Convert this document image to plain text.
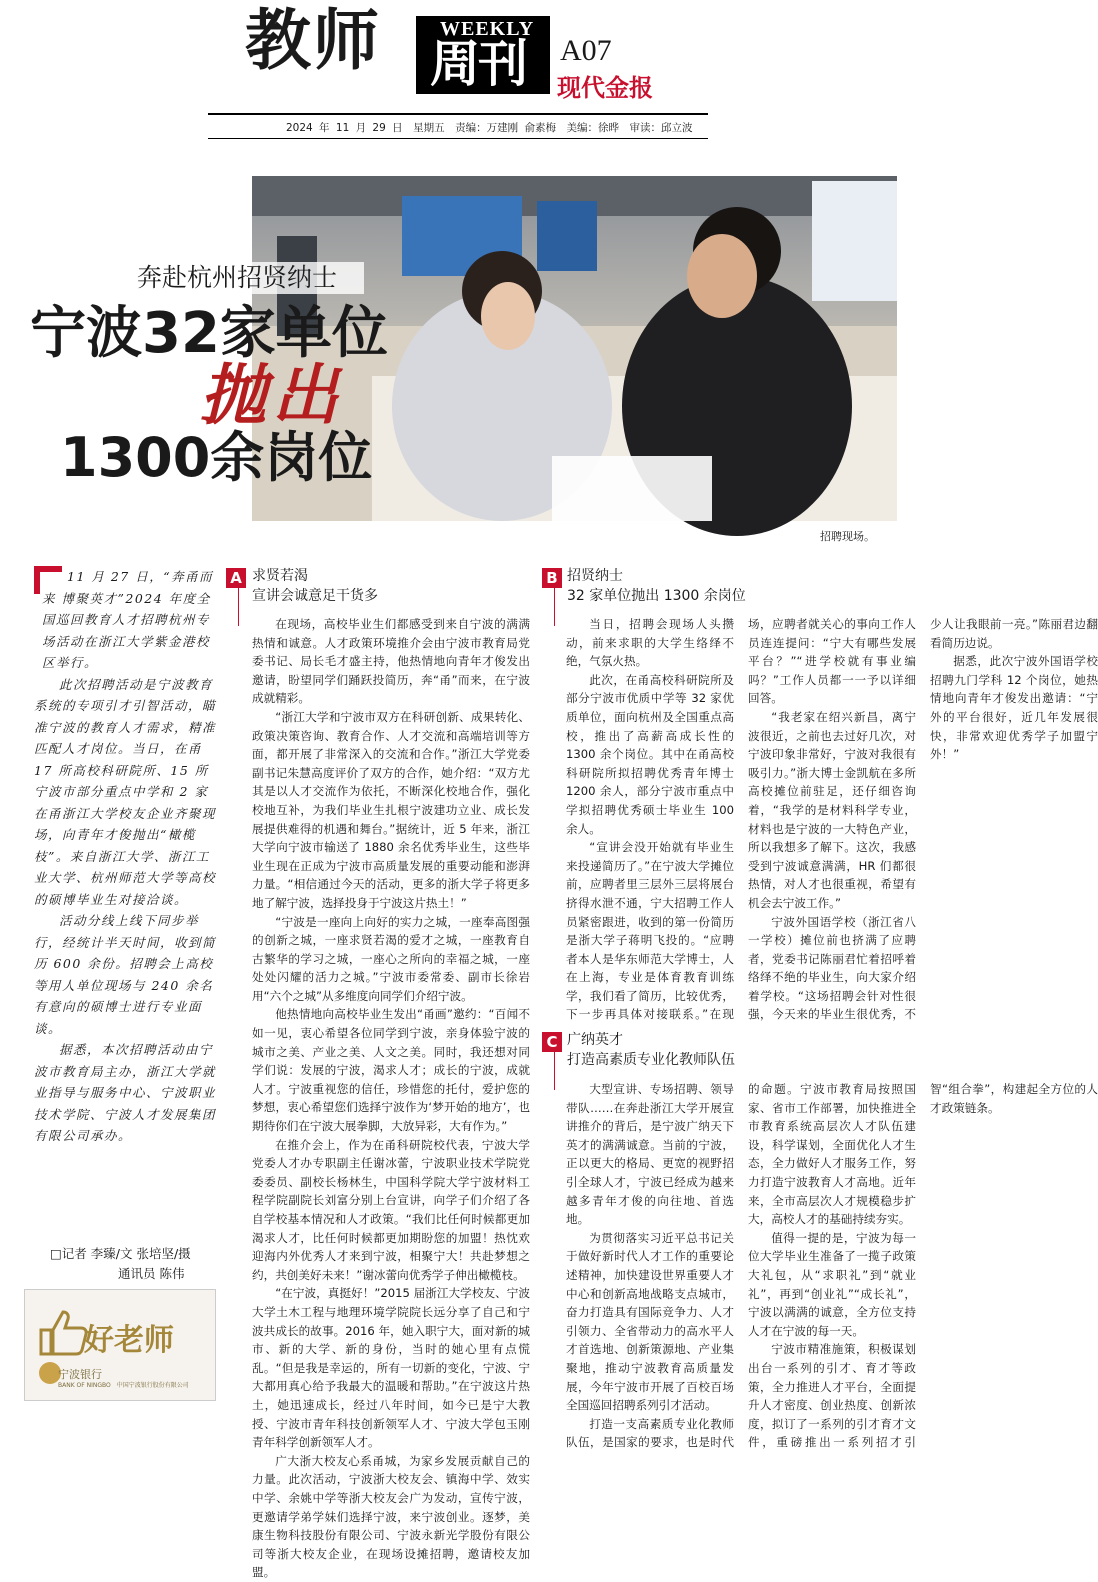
教师	WEEKLY
周刊 A07
现代金报
2024 年 11 月 29 日　星期五　责编：万建刚 俞素梅　美编：徐晔　审读：邱立波
招聘现场。
奔赴杭州招贤纳士
宁波32家单位
抛出
1300余岗位

11 月 27 日，“奔甬而来 博聚英才”2024 年度全国巡回教育人才招聘杭州专场活动在浙江大学紫金港校区举行。

此次招聘活动是宁波教育系统的专项引才引智活动，瞄准宁波的教育人才需求，精准匹配人才岗位。当日，在甬 17 所高校科研院所、15 所宁波市部分重点中学和 2 家在甬浙江大学校友企业齐聚现场，向青年才俊抛出“橄榄枝”。来自浙江大学、浙江工业大学、杭州师范大学等高校的硕博毕业生对接洽谈。

活动分线上线下同步举行，经统计半天时间，收到简历 600 余份。招聘会上高校等用人单位现场与 240 余名有意向的硕博士进行专业面谈。

据悉，本次招聘活动由宁波市教育局主办，浙江大学就业指导与服务中心、宁波职业技术学院、宁波人才发展集团有限公司承办。

□记者 李臻/文 张培坚/摄
通讯员 陈伟
好老师
宁波银行
BANK OF NINGBO　中国宁波银行股份有限公司
A 求贤若渴
宣讲会诚意足干货多

在现场，高校毕业生们都感受到来自宁波的满满热情和诚意。人才政策环境推介会由宁波市教育局党委书记、局长毛才盛主持，他热情地向青年才俊发出邀请，盼望同学们踊跃投简历，奔“甬”而来，在宁波成就精彩。

“浙江大学和宁波市双方在科研创新、成果转化、政策决策咨询、教育合作、人才交流和高端培训等方面，都开展了非常深入的交流和合作。”浙江大学党委副书记朱慧高度评价了双方的合作，她介绍：“双方尤其是以人才交流作为依托，不断深化校地合作，强化校地互补，为我们毕业生扎根宁波建功立业、成长发展提供难得的机遇和舞台。”据统计，近 5 年来，浙江大学向宁波市输送了 1880 余名优秀毕业生，这些毕业生现在正成为宁波市高质量发展的重要动能和澎湃力量。“相信通过今天的活动，更多的浙大学子将更多地了解宁波，选择投身于宁波这片热土！”

“宁波是一座向上向好的实力之城，一座奉高图强的创新之城，一座求贤若渴的爱才之城，一座教育自古繁华的学习之城，一座心之所向的幸福之城，一座处处闪耀的活力之城。”宁波市委常委、副市长徐岩用“六个之城”从多维度向同学们介绍宁波。

他热情地向高校毕业生发出“甬画”邀约：“百闻不如一见，衷心希望各位同学到宁波，亲身体验宁波的城市之美、产业之美、人文之美。同时，我还想对同学们说：发展的宁波，渴求人才；成长的宁波，成就人才。宁波重视您的信任，珍惜您的托付，爱护您的梦想，衷心希望您们选择宁波作为‘梦开始的地方’，也期待你们在宁波大展拳脚，大放异彩，大有作为。”

在推介会上，作为在甬科研院校代表，宁波大学党委人才办专职副主任谢冰蕾，宁波职业技术学院党委委员、副校长杨林生，中国科学院大学宁波材料工程学院副院长刘富分别上台宣讲，向学子们介绍了各自学校基本情况和人才政策。“我们比任何时候都更加渴求人才，比任何时候都更加期盼您的加盟！热忱欢迎海内外优秀人才来到宁波，相聚宁大！共赴梦想之约，共创美好未来！”谢冰蕾向优秀学子伸出橄榄枝。

“在宁波，真挺好！”2015 届浙江大学校友、宁波大学土木工程与地理环境学院院长远分享了自己和宁波共成长的故事。2016 年，她入职宁大，面对新的城市、新的大学、新的身份，当时的她心里有点慌乱。“但是我是幸运的，所有一切新的变化，宁波、宁大都用真心给予我最大的温暖和帮助。”在宁波这片热土，她迅速成长，经过八年时间，如今已是宁大教授、宁波市青年科技创新领军人才、宁波大学包玉刚青年科学创新领军人才。

广大浙大校友心系甬城，为家乡发展贡献自己的力量。此次活动，宁波浙大校友会、镇海中学、效实中学、余姚中学等浙大校友会广为发动，宣传宁波，更邀请学弟学妹们选择宁波，来宁波创业。逐梦，美康生物科技股份有限公司、宁波永新光学股份有限公司等浙大校友企业，在现场设摊招聘，邀请校友加盟。

B 招贤纳士
32 家单位抛出 1300 余岗位

当日，招聘会现场人头攒动，前来求职的大学生络绎不绝，气氛火热。

此次，在甬高校科研院所及部分宁波市优质中学等 32 家优质单位，面向杭州及全国重点高校，推出了高薪高成长性的 1300 余个岗位。其中在甬高校科研院所拟招聘优秀青年博士 1200 余人，部分宁波市重点中学拟招聘优秀硕士毕业生 100 余人。

“宣讲会没开始就有毕业生来投递简历了。”在宁波大学摊位前，应聘者里三层外三层将展台挤得水泄不通，宁大招聘工作人员紧密跟进，收到的第一份简历是浙大学子蒋明飞投的。“应聘者本人是华东师范大学博士，人在上海，专业是体育教育训练学，我们看了简历，比较优秀，下一步再具体对接联系。”在现场，应聘者就关心的事向工作人员连连提问：“宁大有哪些发展平台？”“进学校就有事业编吗？”工作人员都一一予以详细回答。

“我老家在绍兴新昌，离宁波很近，之前也去过好几次，对宁波印象非常好，宁波对我很有吸引力。”浙大博士金凯航在多所高校摊位前驻足，还仔细咨询着，“我学的是材料科学专业，材料也是宁波的一大特色产业，所以我想多了解下。这次，我感受到宁波诚意满满，HR 们都很热情，对人才也很重视，希望有机会去宁波工作。”

宁波外国语学校（浙江省八一学校）摊位前也挤满了应聘者，党委书记陈丽君忙着招呼着络绎不绝的毕业生，向大家介绍着学校。“这场招聘会针对性很强，今天来的毕业生很优秀，不少人让我眼前一亮。”陈丽君边翻看简历边说。

据悉，此次宁波外国语学校招聘九门学科 12 个岗位，她热情地向青年才俊发出邀请：“宁外的平台很好，近几年发展很快，非常欢迎优秀学子加盟宁外！”

C 广纳英才
打造高素质专业化教师队伍

大型宣讲、专场招聘、领导带队……在奔赴浙江大学开展宣讲推介的背后，是宁波广纳天下英才的满满诚意。当前的宁波，正以更大的格局、更宽的视野招引全球人才，宁波已经成为越来越多青年才俊的向往地、首选地。

为贯彻落实习近平总书记关于做好新时代人才工作的重要论述精神，加快建设世界重要人才中心和创新高地战略支点城市，奋力打造具有国际竞争力、人才引领力、全省带动力的高水平人才首选地、创新策源地、产业集聚地，推动宁波教育高质量发展，今年宁波市开展了百校百场全国巡回招聘系列引才活动。

打造一支高素质专业化教师队伍，是国家的要求，也是时代的命题。宁波市教育局按照国家、省市工作部署，加快推进全市教育系统高层次人才队伍建设，科学谋划，全面优化人才生态，全力做好人才服务工作，努力打造宁波教育人才高地。近年来，全市高层次人才规模稳步扩大，高校人才的基础持续夯实。

值得一提的是，宁波为每一位大学毕业生准备了一揽子政策大礼包，从“求职礼”到“就业礼”，再到“创业礼”“成长礼”，宁波以满满的诚意，全方位支持人才在宁波的每一天。

宁波市精准施策，积极谋划出台一系列的引才、育才等政策，全力推进人才平台，全面提升人才密度、创业热度、创新浓度，拟订了一系列的引才育才文件，重磅推出一系列招才引智“组合拳”，构建起全方位的人才政策链条。
